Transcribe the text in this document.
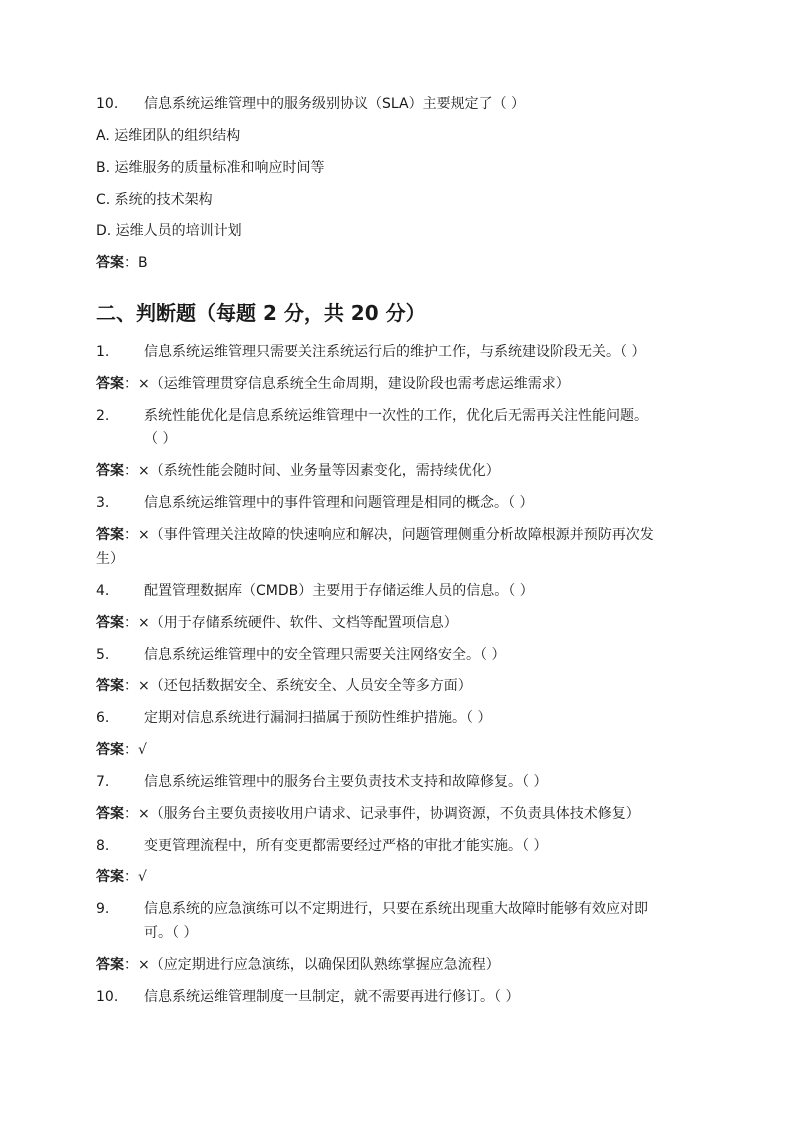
10. 信息系统运维管理中的服务级别协议（SLA）主要规定了（ ）
A. 运维团队的组织结构
B. 运维服务的质量标准和响应时间等
C. 系统的技术架构
D. 运维人员的培训计划
答案：B
二、判断题（每题 2 分，共 20 分）
1. 信息系统运维管理只需要关注系统运行后的维护工作，与系统建设阶段无关。（ ）
答案：×（运维管理贯穿信息系统全生命周期，建设阶段也需考虑运维需求）
2. 系统性能优化是信息系统运维管理中一次性的工作，优化后无需再关注性能问题。
（ ）
答案：×（系统性能会随时间、业务量等因素变化，需持续优化）
3. 信息系统运维管理中的事件管理和问题管理是相同的概念。（ ）
答案：×（事件管理关注故障的快速响应和解决，问题管理侧重分析故障根源并预防再次发
生）
4. 配置管理数据库（CMDB）主要用于存储运维人员的信息。（ ）
答案：×（用于存储系统硬件、软件、文档等配置项信息）
5. 信息系统运维管理中的安全管理只需要关注网络安全。（ ）
答案：×（还包括数据安全、系统安全、人员安全等多方面）
6. 定期对信息系统进行漏洞扫描属于预防性维护措施。（ ）
答案：√
7. 信息系统运维管理中的服务台主要负责技术支持和故障修复。（ ）
答案：×（服务台主要负责接收用户请求、记录事件，协调资源，不负责具体技术修复）
8. 变更管理流程中，所有变更都需要经过严格的审批才能实施。（ ）
答案：√
9. 信息系统的应急演练可以不定期进行，只要在系统出现重大故障时能够有效应对即
可。（ ）
答案：×（应定期进行应急演练，以确保团队熟练掌握应急流程）
10. 信息系统运维管理制度一旦制定，就不需要再进行修订。（ ）
